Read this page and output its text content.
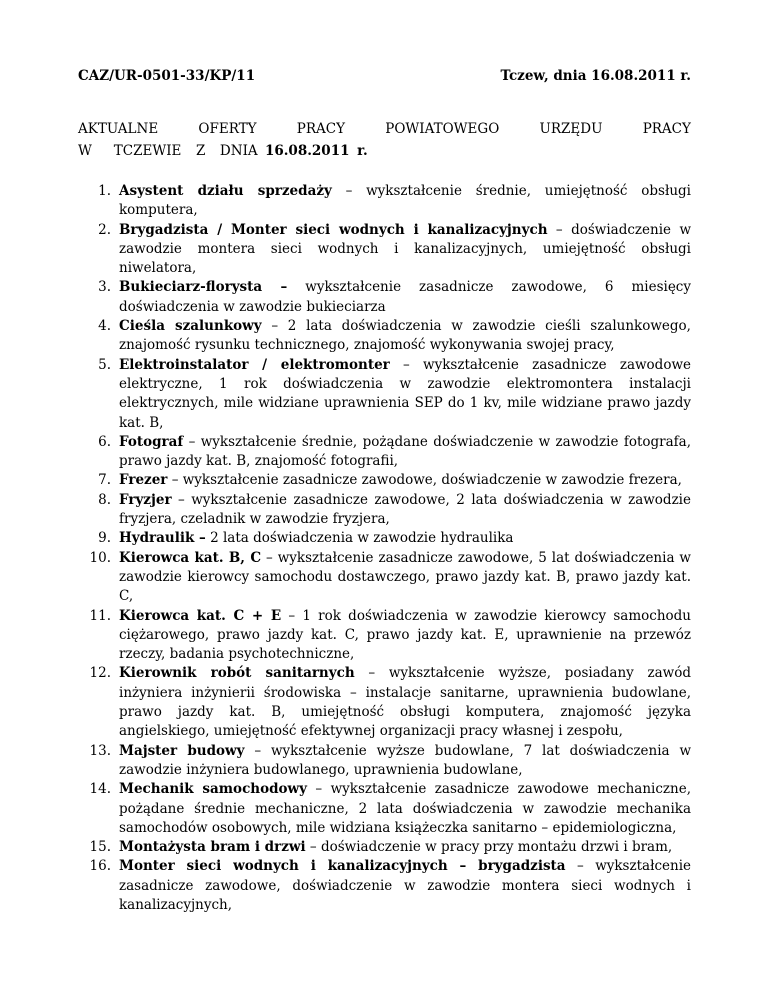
CAZ/UR-0501-33/KP/11	Tczew, dnia 16.08.2011 r.
AKTUALNE	OFERTY	PRACY	POWIATOWEGO	URZĘDU	PRACY
W   TCZEWIE  Z  DNIA 16.08.2011 r.
1. Asystent działu sprzedaży – wykształcenie średnie, umiejętność obsługi komputera,
2. Brygadzista / Monter sieci wodnych i kanalizacyjnych – doświadczenie w zawodzie montera sieci wodnych i kanalizacyjnych, umiejętność obsługi niwelatora,
3. Bukieciarz-florysta – wykształcenie zasadnicze zawodowe, 6 miesięcy doświadczenia w zawodzie bukieciarza
4. Cieśla szalunkowy – 2 lata doświadczenia w zawodzie cieśli szalunkowego, znajomość rysunku technicznego, znajomość wykonywania swojej pracy,
5. Elektroinstalator / elektromonter – wykształcenie zasadnicze zawodowe elektryczne, 1 rok doświadczenia w zawodzie elektromontera instalacji elektrycznych, mile widziane uprawnienia SEP do 1 kv, mile widziane prawo jazdy kat. B,
6. Fotograf – wykształcenie średnie, pożądane doświadczenie w zawodzie fotografa, prawo jazdy kat. B, znajomość fotografii,
7. Frezer – wykształcenie zasadnicze zawodowe, doświadczenie w zawodzie frezera,
8. Fryzjer – wykształcenie zasadnicze zawodowe, 2 lata doświadczenia w zawodzie fryzjera, czeladnik w zawodzie fryzjera,
9. Hydraulik – 2 lata doświadczenia w zawodzie hydraulika
10. Kierowca kat. B, C – wykształcenie zasadnicze zawodowe, 5 lat doświadczenia w zawodzie kierowcy samochodu dostawczego, prawo jazdy kat. B, prawo jazdy kat. C,
11. Kierowca kat. C + E – 1 rok doświadczenia w zawodzie kierowcy samochodu ciężarowego, prawo jazdy kat. C, prawo jazdy kat. E, uprawnienie na przewóz rzeczy, badania psychotechniczne,
12. Kierownik robót sanitarnych – wykształcenie wyższe, posiadany zawód inżyniera inżynierii środowiska – instalacje sanitarne, uprawnienia budowlane, prawo jazdy kat. B, umiejętność obsługi komputera, znajomość języka angielskiego, umiejętność efektywnej organizacji pracy własnej i zespołu,
13. Majster budowy – wykształcenie wyższe budowlane, 7 lat doświadczenia w zawodzie inżyniera budowlanego, uprawnienia budowlane,
14. Mechanik samochodowy – wykształcenie zasadnicze zawodowe mechaniczne, pożądane średnie mechaniczne, 2 lata doświadczenia w zawodzie mechanika samochodów osobowych, mile widziana książeczka sanitarno – epidemiologiczna,
15. Montażysta bram i drzwi – doświadczenie w pracy przy montażu drzwi i bram,
16. Monter sieci wodnych i kanalizacyjnych – brygadzista – wykształcenie zasadnicze zawodowe, doświadczenie w zawodzie montera sieci wodnych i kanalizacyjnych,
